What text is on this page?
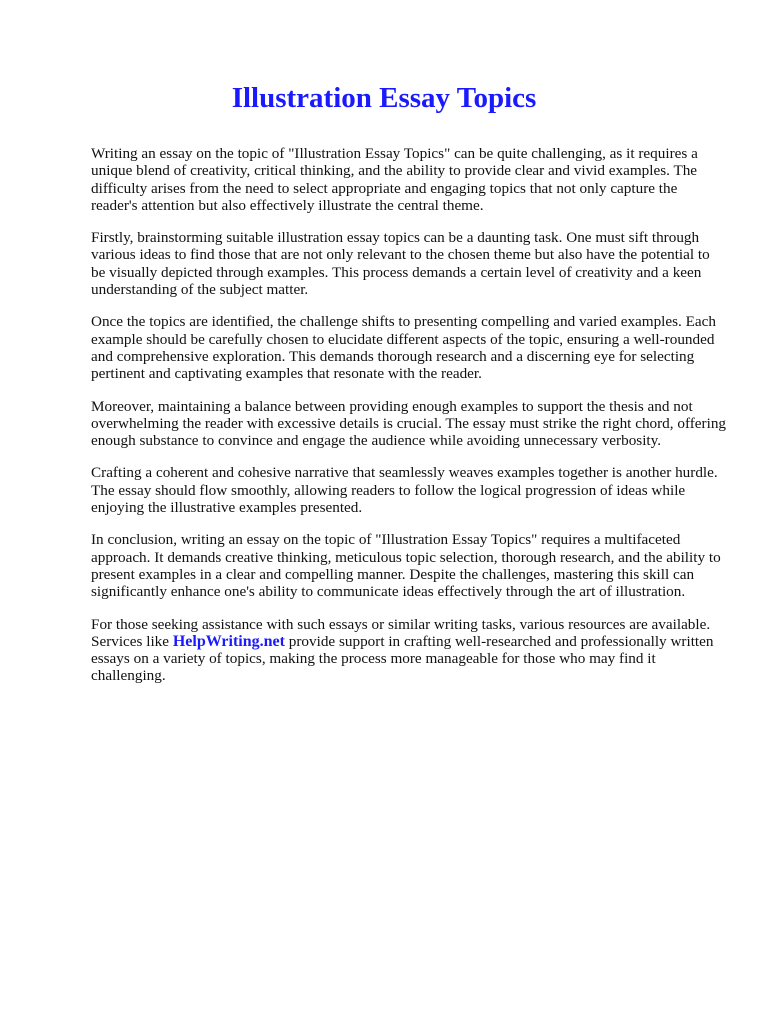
Illustration Essay Topics

Writing an essay on the topic of "Illustration Essay Topics" can be quite challenging, as it requires a unique blend of creativity, critical thinking, and the ability to provide clear and vivid examples. The difficulty arises from the need to select appropriate and engaging topics that not only capture the reader's attention but also effectively illustrate the central theme.

Firstly, brainstorming suitable illustration essay topics can be a daunting task. One must sift through various ideas to find those that are not only relevant to the chosen theme but also have the potential to be visually depicted through examples. This process demands a certain level of creativity and a keen understanding of the subject matter.

Once the topics are identified, the challenge shifts to presenting compelling and varied examples. Each example should be carefully chosen to elucidate different aspects of the topic, ensuring a well-rounded and comprehensive exploration. This demands thorough research and a discerning eye for selecting pertinent and captivating examples that resonate with the reader.

Moreover, maintaining a balance between providing enough examples to support the thesis and not overwhelming the reader with excessive details is crucial. The essay must strike the right chord, offering enough substance to convince and engage the audience while avoiding unnecessary verbosity.

Crafting a coherent and cohesive narrative that seamlessly weaves examples together is another hurdle. The essay should flow smoothly, allowing readers to follow the logical progression of ideas while enjoying the illustrative examples presented.

In conclusion, writing an essay on the topic of "Illustration Essay Topics" requires a multifaceted approach. It demands creative thinking, meticulous topic selection, thorough research, and the ability to present examples in a clear and compelling manner. Despite the challenges, mastering this skill can significantly enhance one's ability to communicate ideas effectively through the art of illustration.

For those seeking assistance with such essays or similar writing tasks, various resources are available. Services like HelpWriting.net provide support in crafting well-researched and professionally written essays on a variety of topics, making the process more manageable for those who may find it challenging.
